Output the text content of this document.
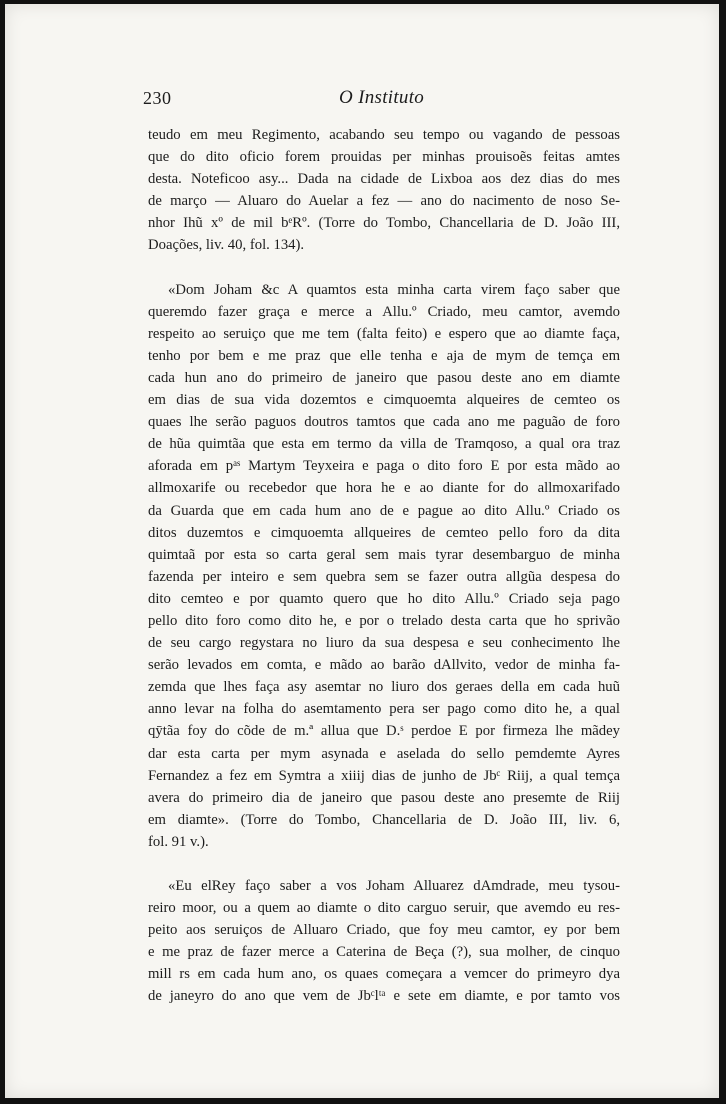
230	O Instituto
teudo em meu Regimento, acabando seu tempo ou vagando de pessoas
que do dito oficio forem prouidas per minhas prouisoẽs feitas amtes
desta. Noteficoo asy... Dada na cidade de Lixboa aos dez dias do mes
de março — Aluaro do Auelar a fez — ano do nacimento de noso Se-
nhor Ihũ xº de mil bᵉRº. (Torre do Tombo, Chancellaria de D. João III,
Doações, liv. 40, fol. 134).
«Dom Joham &c A quamtos esta minha carta virem faço saber que
queremdo fazer graça e merce a Allu.º Criado, meu camtor, avemdo
respeito ao seruiço que me tem (falta feito) e espero que ao diamte faça,
tenho por bem e me praz que elle tenha e aja de mym de temça em
cada hun ano do primeiro de janeiro que pasou deste ano em diamte
em dias de sua vida dozemtos e cimquoemta alqueires de cemteo os
quaes lhe serão paguos doutros tamtos que cada ano me paguão de foro
de hũa quimtãa que esta em termo da villa de Tramqoso, a qual ora traz
aforada em pᵃˢ Martym Teyxeira e paga o dito foro E por esta mãdo ao
allmoxarife ou recebedor que hora he e ao diante for do allmoxarifado
da Guarda que em cada hum ano de e pague ao dito Allu.º Criado os
ditos duzemtos e cimquoemta allqueires de cemteo pello foro da dita
quimtaã por esta so carta geral sem mais tyrar desembarguo de minha
fazenda per inteiro e sem quebra sem se fazer outra allgũa despesa do
dito cemteo e por quamto quero que ho dito Allu.º Criado seja pago
pello dito foro como dito he, e por o trelado desta carta que ho sprivão
de seu cargo regystara no liuro da sua despesa e seu conhecimento lhe
serão levados em comta, e mãdo ao barão dAllvito, vedor de minha fa-
zemda que lhes faça asy asemtar no liuro dos geraes della em cada huũ
anno levar na folha do asemtamento pera ser pago como dito he, a qual
qȳtãa foy do cõde de m.ª allua que D.ˢ perdoe E por firmeza lhe mãdey
dar esta carta per mym asynada e aselada do sello pemdemte Ayres
Fernandez a fez em Symtra a xiiij dias de junho de Jbᶜ Riij, a qual temça
avera do primeiro dia de janeiro que pasou deste ano presemte de Riij
em diamte». (Torre do Tombo, Chancellaria de D. João III, liv. 6,
fol. 91 v.).
«Eu elRey faço saber a vos Joham Alluarez dAmdrade, meu tysou-
reiro moor, ou a quem ao diamte o dito carguo seruir, que avemdo eu res-
peito aos seruiços de Alluaro Criado, que foy meu camtor, ey por bem
e me praz de fazer merce a Caterina de Beça (?), sua molher, de cinquo
mill rs em cada hum ano, os quaes começara a vemcer do primeyro dya
de janeyro do ano que vem de Jbᶜlᵗᵃ e sete em diamte, e por tamto vos
